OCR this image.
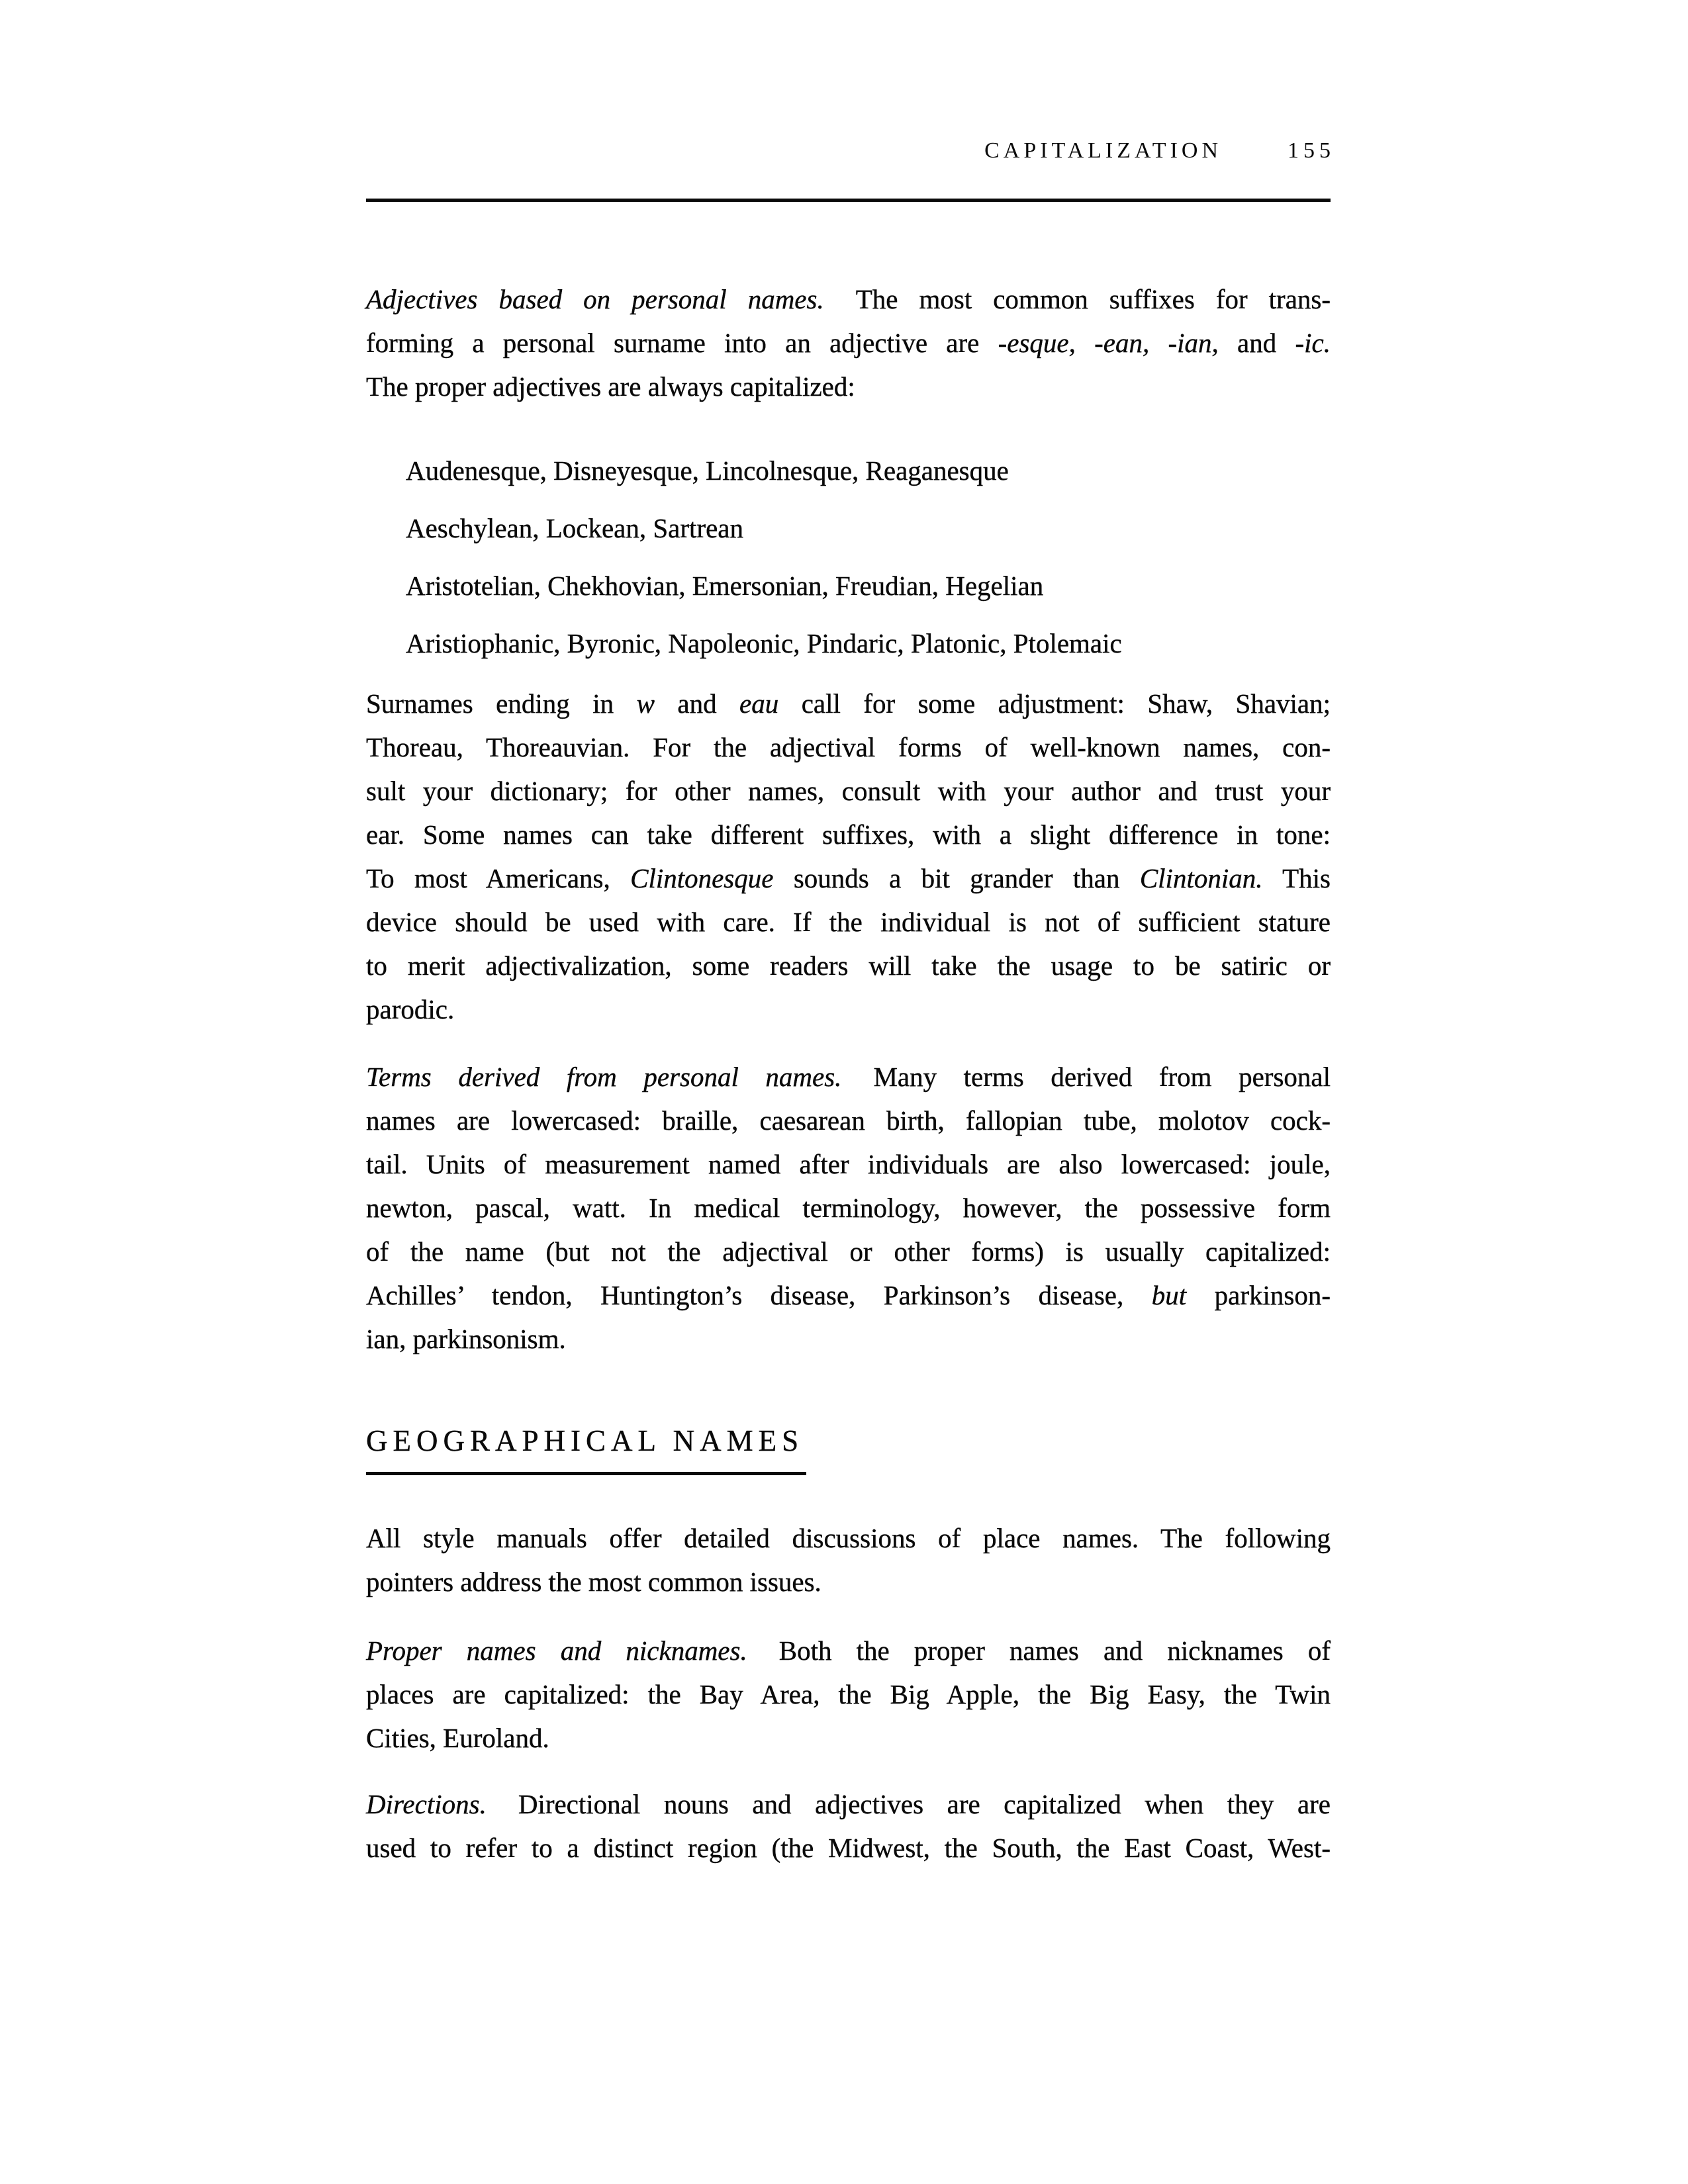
CAPITALIZATION	155
Adjectives based on personal names. The most common suffixes for trans-
forming a personal surname into an adjective are -esque, -ean, -ian, and -ic.
The proper adjectives are always capitalized:
Audenesque, Disneyesque, Lincolnesque, Reaganesque
Aeschylean, Lockean, Sartrean
Aristotelian, Chekhovian, Emersonian, Freudian, Hegelian
Aristiophanic, Byronic, Napoleonic, Pindaric, Platonic, Ptolemaic
Surnames ending in w and eau call for some adjustment: Shaw, Shavian;
Thoreau, Thoreauvian. For the adjectival forms of well-known names, con-
sult your dictionary; for other names, consult with your author and trust your
ear. Some names can take different suffixes, with a slight difference in tone:
To most Americans, Clintonesque sounds a bit grander than Clintonian. This
device should be used with care. If the individual is not of sufficient stature
to merit adjectivalization, some readers will take the usage to be satiric or
parodic.
Terms derived from personal names. Many terms derived from personal
names are lowercased: braille, caesarean birth, fallopian tube, molotov cock-
tail. Units of measurement named after individuals are also lowercased: joule,
newton, pascal, watt. In medical terminology, however, the possessive form
of the name (but not the adjectival or other forms) is usually capitalized:
Achilles’ tendon, Huntington’s disease, Parkinson’s disease, but parkinson-
ian, parkinsonism.
GEOGRAPHICAL NAMES
All style manuals offer detailed discussions of place names. The following
pointers address the most common issues.
Proper names and nicknames. Both the proper names and nicknames of
places are capitalized: the Bay Area, the Big Apple, the Big Easy, the Twin
Cities, Euroland.
Directions. Directional nouns and adjectives are capitalized when they are
used to refer to a distinct region (the Midwest, the South, the East Coast, West-
